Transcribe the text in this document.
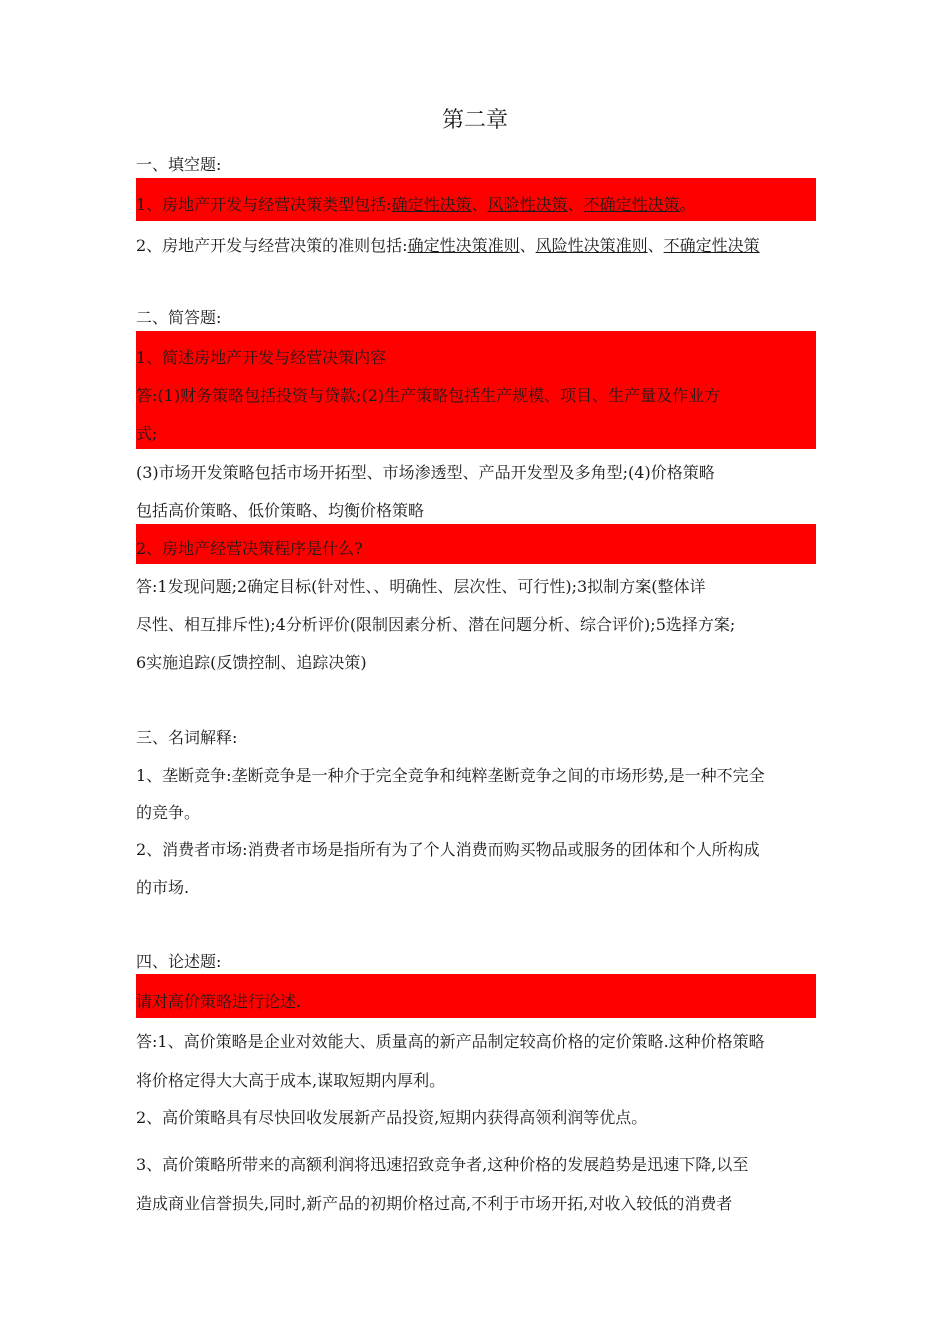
第二章
一、填空题:
1、房地产开发与经营决策类型包括:确定性决策、风险性决策、不确定性决策。
2、房地产开发与经营决策的准则包括:确定性决策准则、风险性决策准则、不确定性决策
二、简答题:
1、简述房地产开发与经营决策内容
答:(1)财务策略包括投资与贷款;(2)生产策略包括生产规模、项目、生产量及作业方
式;
(3)市场开发策略包括市场开拓型、市场渗透型、产品开发型及多角型;(4)价格策略
包括高价策略、低价策略、均衡价格策略
2、房地产经营决策程序是什么?
答:1发现问题;2确定目标(针对性、、明确性、层次性、可行性);3拟制方案(整体详
尽性、相互排斥性);4分析评价(限制因素分析、潜在问题分析、综合评价);5选择方案;
6实施追踪(反馈控制、追踪决策)
三、名词解释:
1、垄断竞争:垄断竞争是一种介于完全竞争和纯粹垄断竞争之间的市场形势,是一种不完全
的竞争。
2、消费者市场:消费者市场是指所有为了个人消费而购买物品或服务的团体和个人所构成
的市场.
四、论述题:
请对高价策略进行论述.
答:1、高价策略是企业对效能大、质量高的新产品制定较高价格的定价策略.这种价格策略
将价格定得大大高于成本,谋取短期内厚利。
2、高价策略具有尽快回收发展新产品投资,短期内获得高领利润等优点。
3、高价策略所带来的高额利润将迅速招致竞争者,这种价格的发展趋势是迅速下降,以至
造成商业信誉损失,同时,新产品的初期价格过高,不利于市场开拓,对收入较低的消费者
